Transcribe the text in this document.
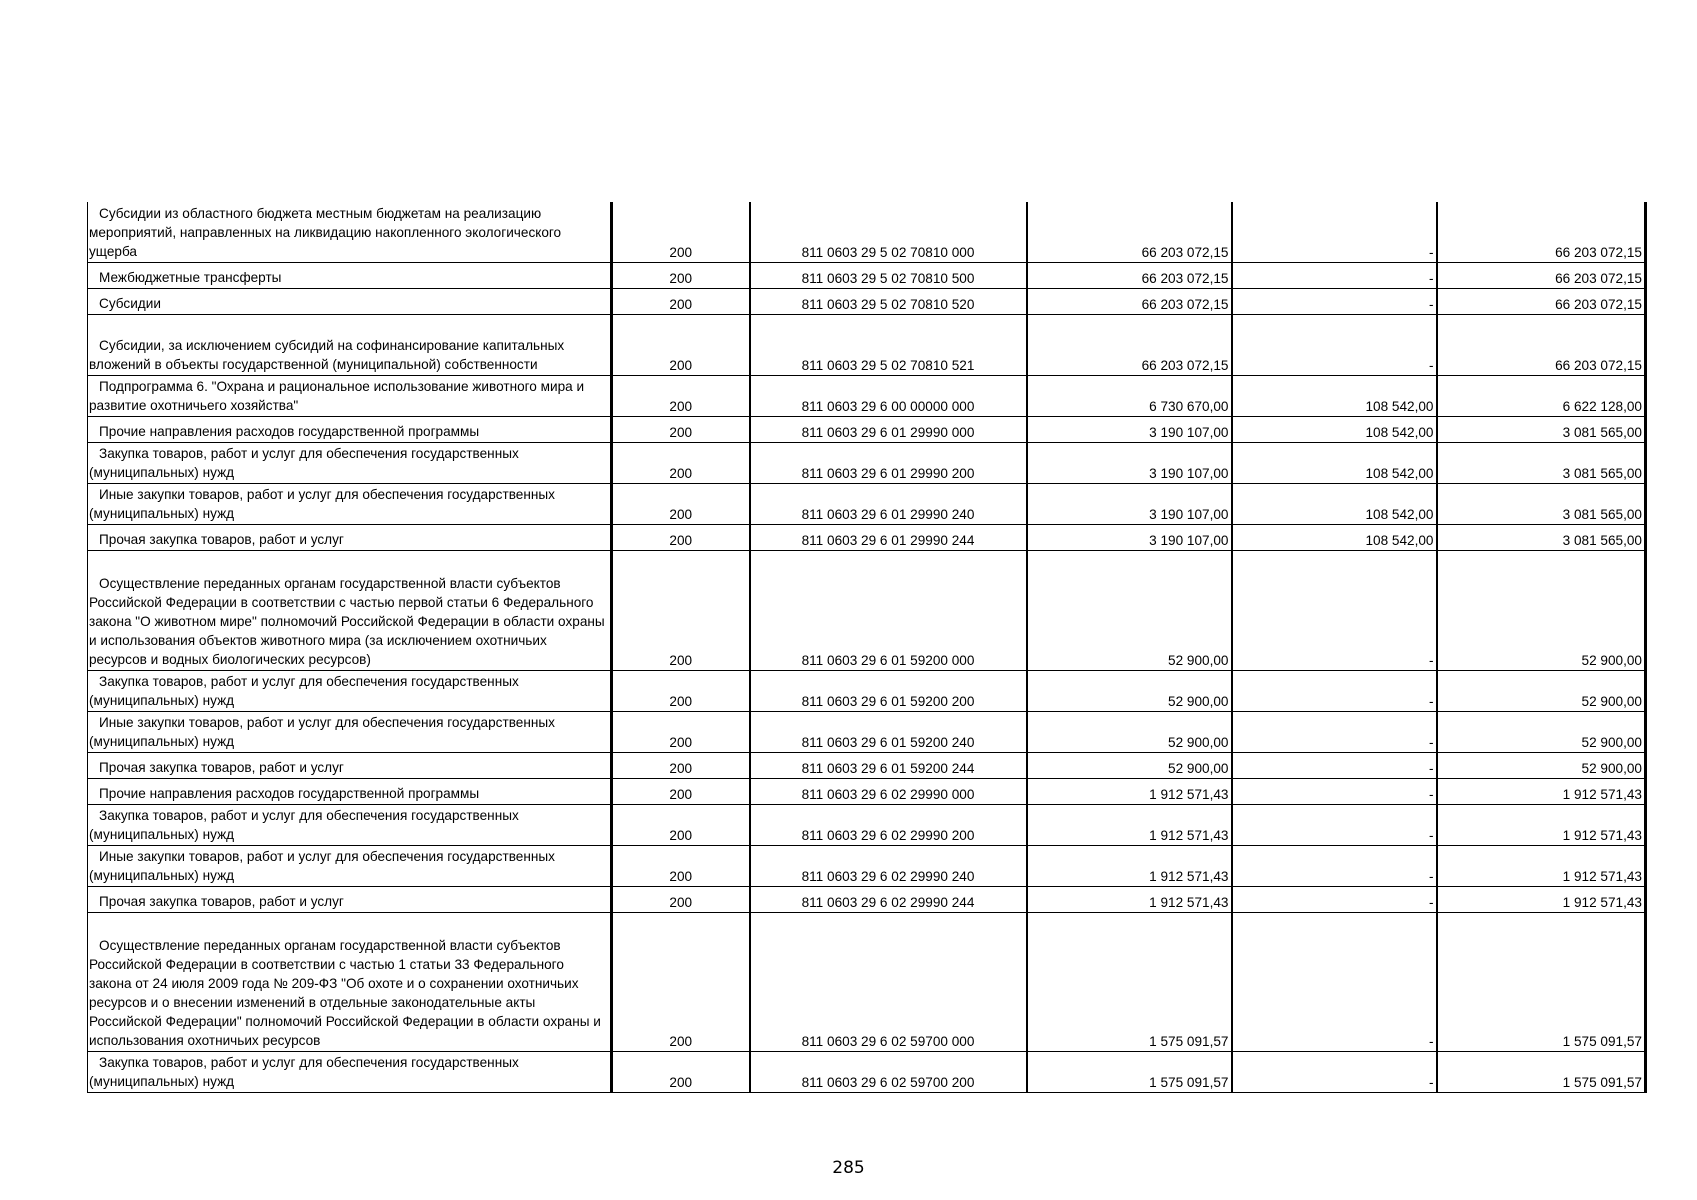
Субсидии из областного бюджета местным бюджетам на реализацию мероприятий, направленных на ликвидацию накопленного экологического ущерба	200	811 0603 29 5 02 70810 000	66 203 072,15	-	66 203 072,15
Межбюджетные трансферты	200	811 0603 29 5 02 70810 500	66 203 072,15	-	66 203 072,15
Субсидии	200	811 0603 29 5 02 70810 520	66 203 072,15	-	66 203 072,15
Субсидии, за исключением субсидий на софинансирование капитальных вложений в объекты государственной (муниципальной) собственности	200	811 0603 29 5 02 70810 521	66 203 072,15	-	66 203 072,15
Подпрограмма 6. "Охрана и рациональное использование животного мира и развитие охотничьего хозяйства"	200	811 0603 29 6 00 00000 000	6 730 670,00	108 542,00	6 622 128,00
Прочие направления расходов государственной программы	200	811 0603 29 6 01 29990 000	3 190 107,00	108 542,00	3 081 565,00
Закупка товаров, работ и услуг для обеспечения государственных (муниципальных) нужд	200	811 0603 29 6 01 29990 200	3 190 107,00	108 542,00	3 081 565,00
Иные закупки товаров, работ и услуг для обеспечения государственных (муниципальных) нужд	200	811 0603 29 6 01 29990 240	3 190 107,00	108 542,00	3 081 565,00
Прочая закупка товаров, работ и услуг	200	811 0603 29 6 01 29990 244	3 190 107,00	108 542,00	3 081 565,00
Осуществление переданных органам государственной власти субъектов Российской Федерации в соответствии с частью первой статьи 6 Федерального закона "О животном мире" полномочий Российской Федерации в области охраны и использования объектов животного мира (за исключением охотничьих ресурсов и водных биологических ресурсов)	200	811 0603 29 6 01 59200 000	52 900,00	-	52 900,00
Закупка товаров, работ и услуг для обеспечения государственных (муниципальных) нужд	200	811 0603 29 6 01 59200 200	52 900,00	-	52 900,00
Иные закупки товаров, работ и услуг для обеспечения государственных (муниципальных) нужд	200	811 0603 29 6 01 59200 240	52 900,00	-	52 900,00
Прочая закупка товаров, работ и услуг	200	811 0603 29 6 01 59200 244	52 900,00	-	52 900,00
Прочие направления расходов государственной программы	200	811 0603 29 6 02 29990 000	1 912 571,43	-	1 912 571,43
Закупка товаров, работ и услуг для обеспечения государственных (муниципальных) нужд	200	811 0603 29 6 02 29990 200	1 912 571,43	-	1 912 571,43
Иные закупки товаров, работ и услуг для обеспечения государственных (муниципальных) нужд	200	811 0603 29 6 02 29990 240	1 912 571,43	-	1 912 571,43
Прочая закупка товаров, работ и услуг	200	811 0603 29 6 02 29990 244	1 912 571,43	-	1 912 571,43
Осуществление переданных органам государственной власти субъектов Российской Федерации в соответствии с частью 1 статьи 33 Федерального закона от 24 июля 2009 года № 209-ФЗ "Об охоте и о сохранении охотничьих ресурсов и о внесении изменений в отдельные законодательные акты Российской Федерации" полномочий Российской Федерации в области охраны и использования охотничьих ресурсов	200	811 0603 29 6 02 59700 000	1 575 091,57	-	1 575 091,57
Закупка товаров, работ и услуг для обеспечения государственных (муниципальных) нужд	200	811 0603 29 6 02 59700 200	1 575 091,57	-	1 575 091,57
285
